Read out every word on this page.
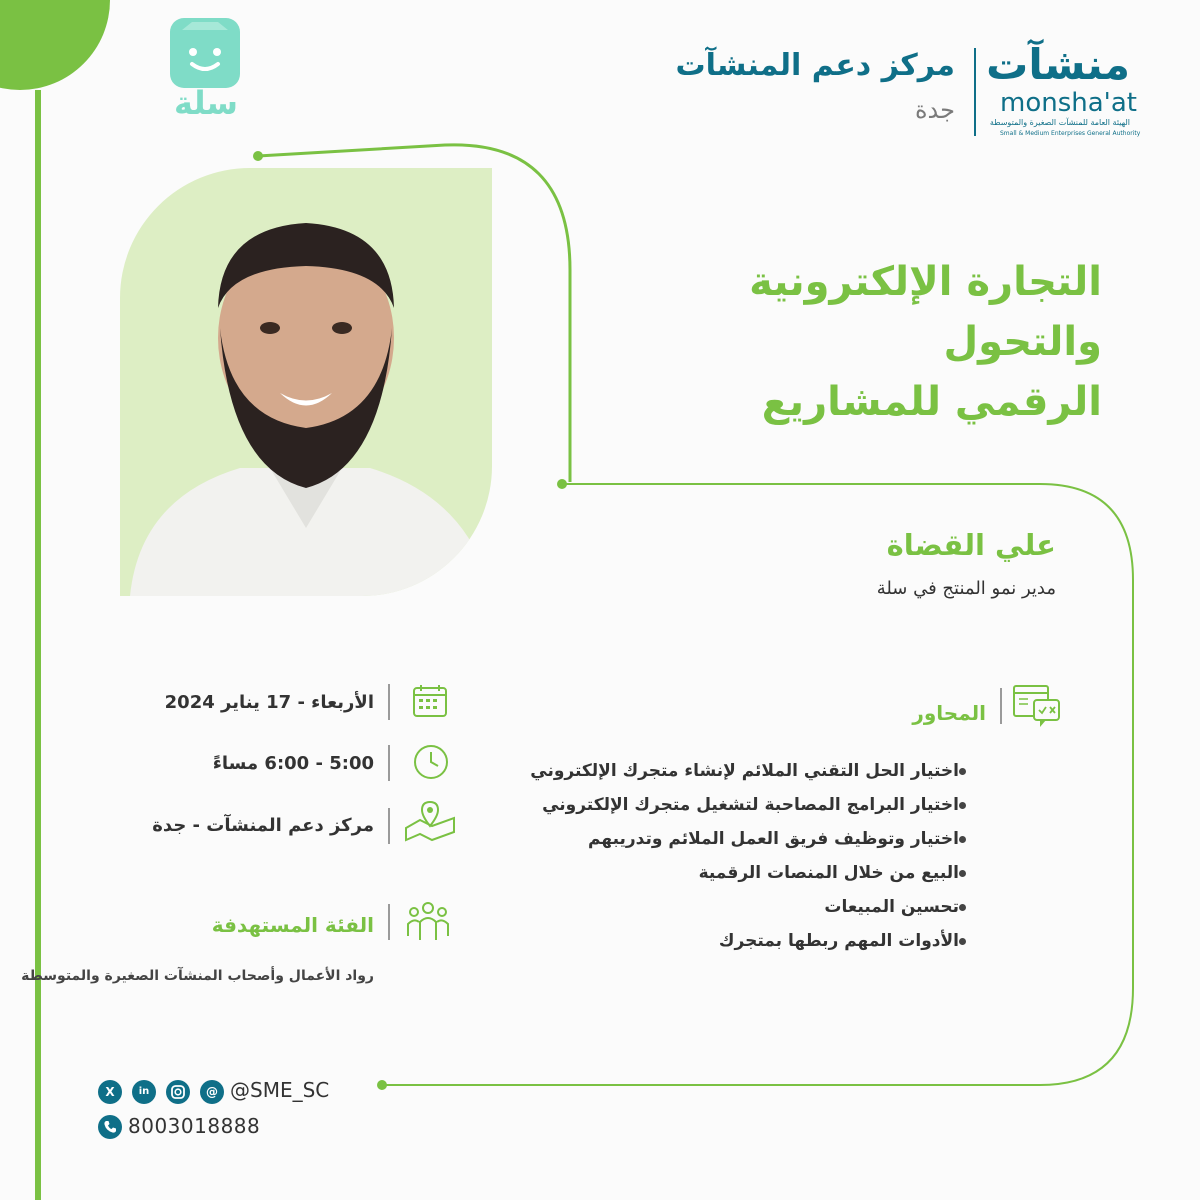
سلة
مركز دعم المنشآت
جدة
منشآت
monsha'at
الهيئة العامة للمنشآت الصغيرة والمتوسطة
Small & Medium Enterprises General Authority
التجارة الإلكترونية والتحول
الرقمي للمشاريع
علي القضاة
مدير نمو المنتج في سلة
المحاور
اختيار الحل التقني الملائم لإنشاء متجرك الإلكتروني
اختيار البرامج المصاحبة لتشغيل متجرك الإلكتروني
اختيار وتوظيف فريق العمل الملائم وتدريبهم
البيع من خلال المنصات الرقمية
تحسين المبيعات
الأدوات المهم ربطها بمتجرك
الأربعاء - 17 يناير 2024
5:00 - 6:00 مساءً
مركز دعم المنشآت - جدة
الفئة المستهدفة
رواد الأعمال وأصحاب المنشآت الصغيرة والمتوسطة
X	in	@ @SME_SC
8003018888
